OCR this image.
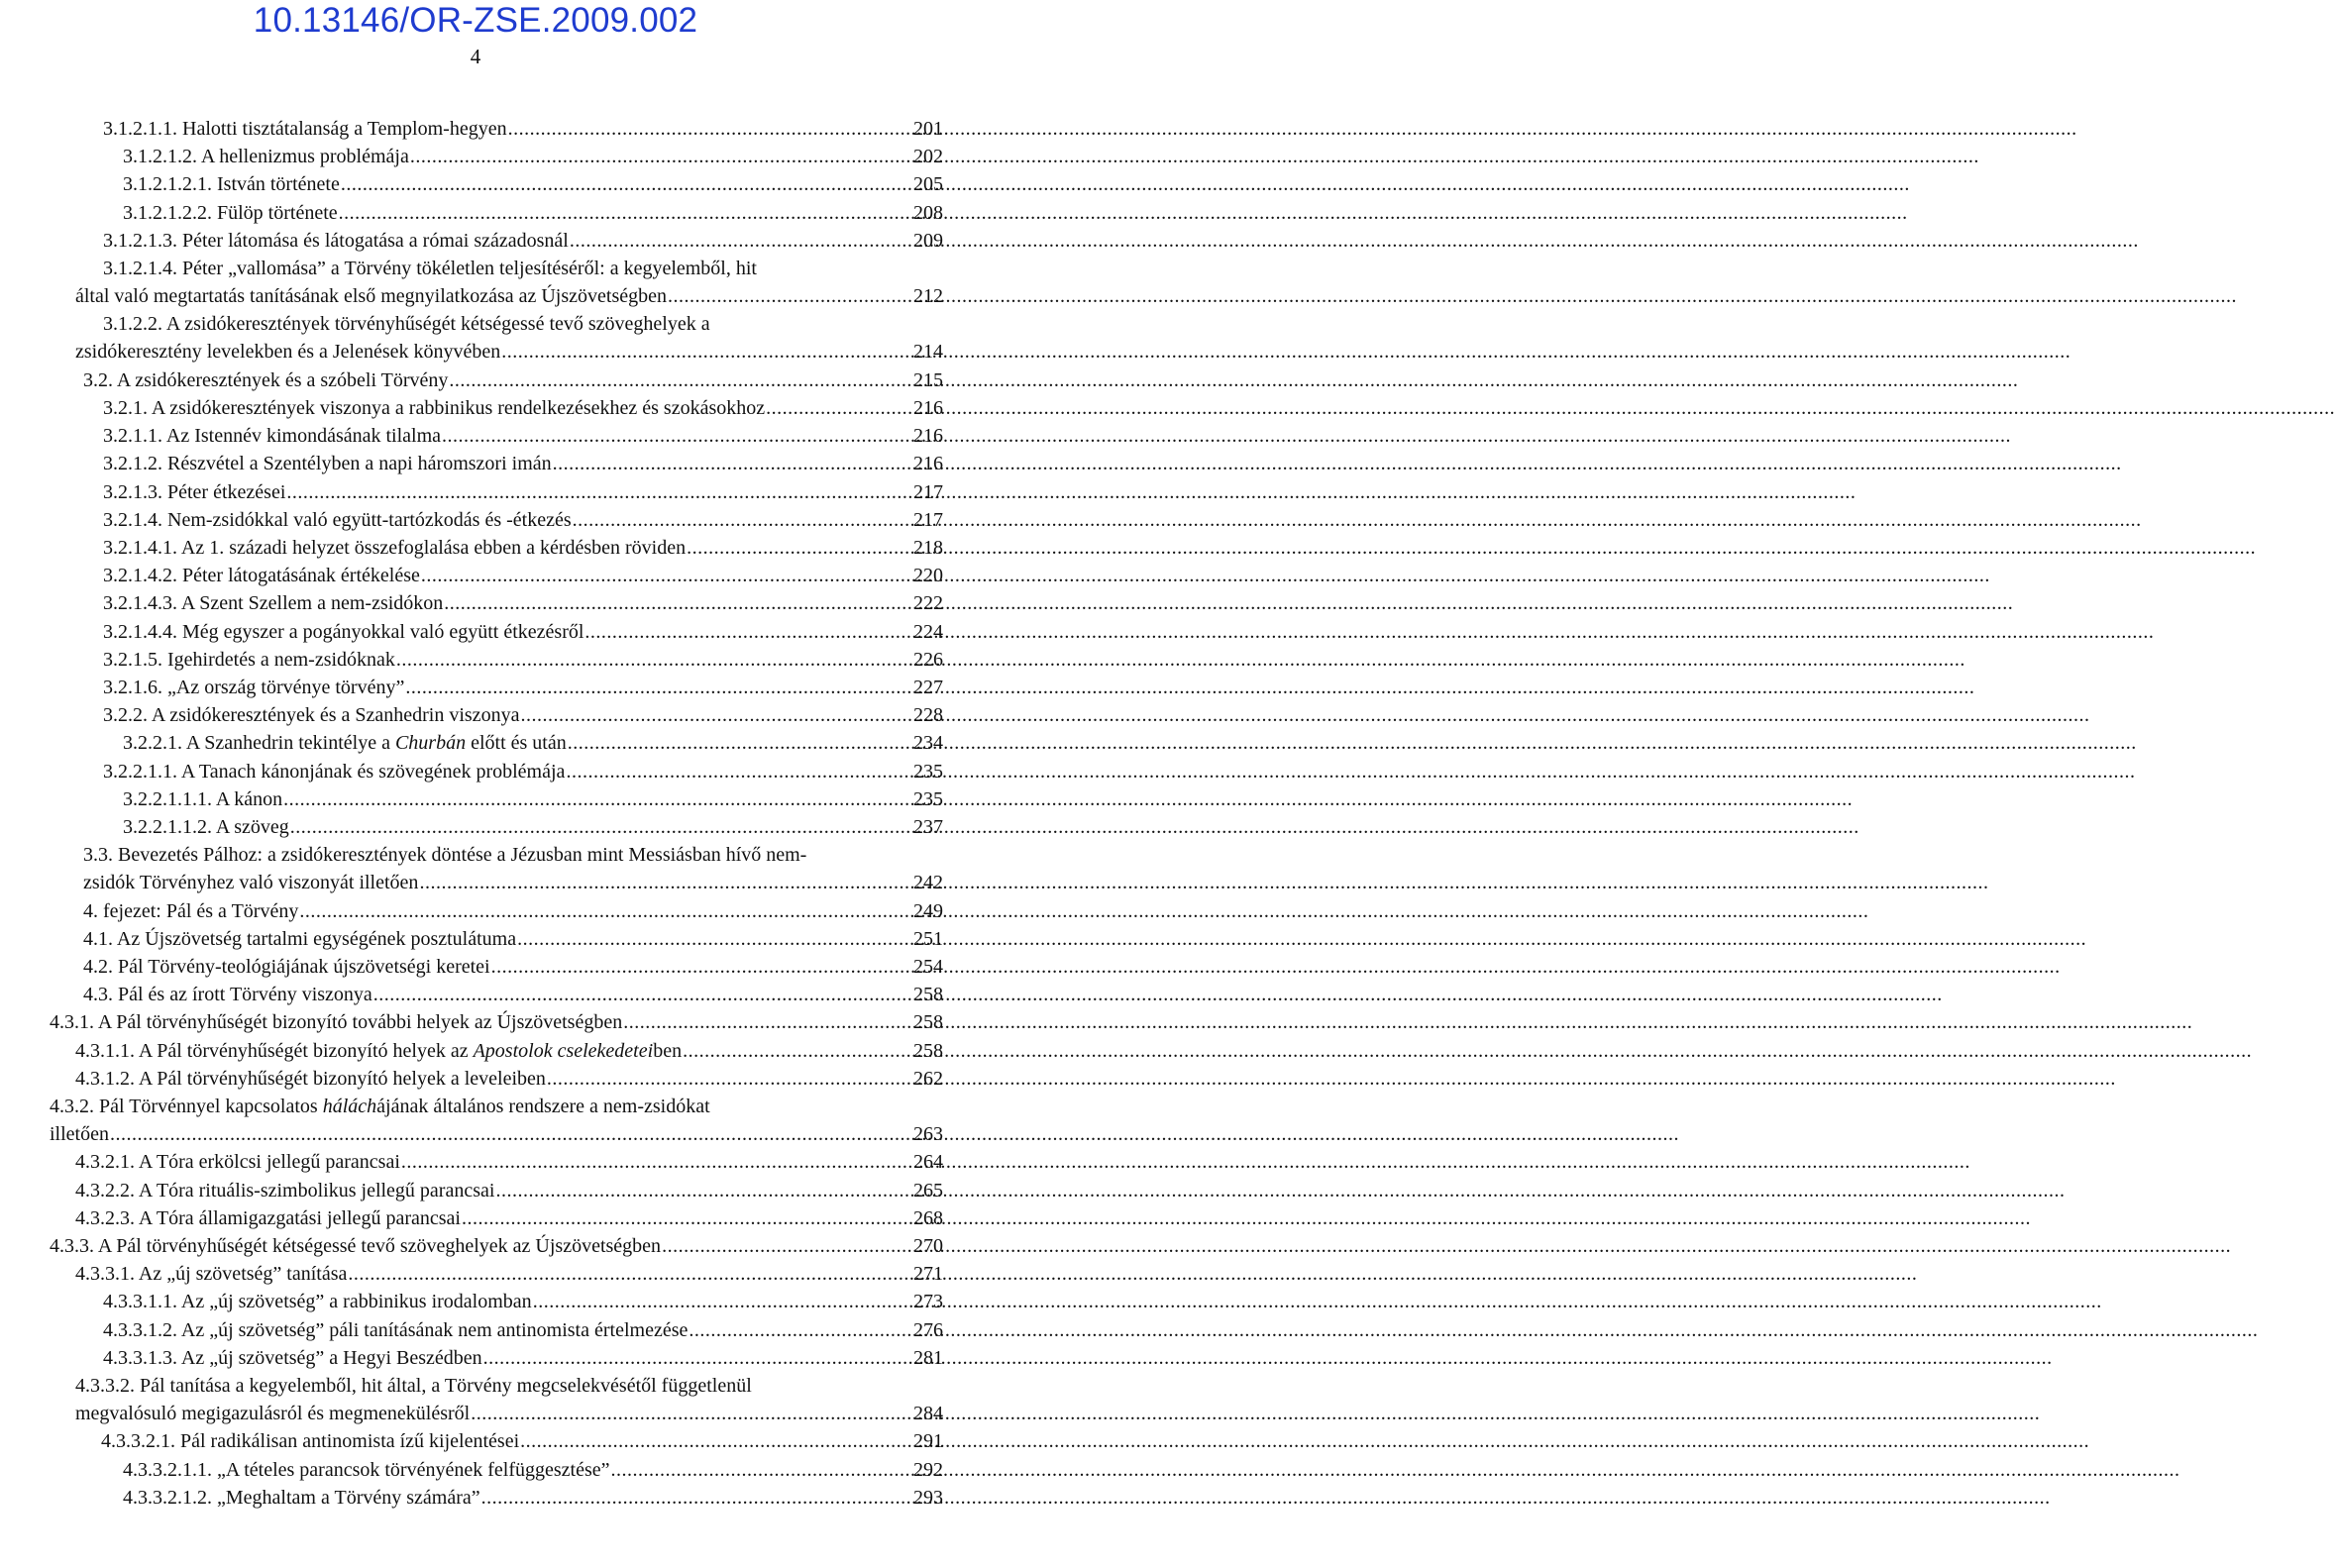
10.13146/OR-ZSE.2009.002
4
3.1.2.1.1. Halotti tisztátalanság a Templom-hegyen .....	201
3.1.2.1.2. A hellenizmus problémája .....	202
3.1.2.1.2.1. István története .....	205
3.1.2.1.2.2. Fülöp története .....	208
3.1.2.1.3. Péter látomása és látogatása a római századosnál .....	209
3.1.2.1.4. Péter „vallomása” a Törvény tökéletlen teljesítéséről: a kegyelemből, hit
által való megtartatás tanításának első megnyilatkozása az Újszövetségben .....	212
3.1.2.2. A zsidókeresztények törvényhűségét kétségessé tevő szöveghelyek a
zsidókeresztény levelekben és a Jelenések könyvében .....	214
3.2. A zsidókeresztények és a szóbeli Törvény .....	215
3.2.1. A zsidókeresztények viszonya a rabbinikus rendelkezésekhez és szokásokhoz .....	216
3.2.1.1. Az Istennév kimondásának tilalma .....	216
3.2.1.2. Részvétel a Szentélyben a napi háromszori imán .....	216
3.2.1.3. Péter étkezései .....	217
3.2.1.4. Nem-zsidókkal való együtt-tartózkodás és -étkezés .....	217
3.2.1.4.1. Az 1. századi helyzet összefoglalása ebben a kérdésben röviden .....	218
3.2.1.4.2. Péter látogatásának értékelése .....	220
3.2.1.4.3. A Szent Szellem a nem-zsidókon .....	222
3.2.1.4.4. Még egyszer a pogányokkal való együtt étkezésről .....	224
3.2.1.5. Igehirdetés a nem-zsidóknak .....	226
3.2.1.6. „Az ország törvénye törvény” .....	227
3.2.2. A zsidókeresztények és a Szanhedrin viszonya .....	228
3.2.2.1. A Szanhedrin tekintélye a Churbán előtt és után .....	234
3.2.2.1.1. A Tanach kánonjának és szövegének problémája .....	235
3.2.2.1.1.1. A kánon .....	235
3.2.2.1.1.2. A szöveg .....	237
3.3. Bevezetés Pálhoz: a zsidókeresztények döntése a Jézusban mint Messiásban hívő nem-
zsidók Törvényhez való viszonyát illetően .....	242
4. fejezet: Pál és a Törvény .....	249
4.1. Az Újszövetség tartalmi egységének posztulátuma .....	251
4.2. Pál Törvény-teológiájának újszövetségi keretei .....	254
4.3. Pál és az írott Törvény viszonya .....	258
4.3.1. A Pál törvényhűségét bizonyító további helyek az Újszövetségben .....	258
4.3.1.1. A Pál törvényhűségét bizonyító helyek az Apostolok cselekedeteiben .....	258
4.3.1.2. A Pál törvényhűségét bizonyító helyek a leveleiben .....	262
4.3.2. Pál Törvénnyel kapcsolatos háláchájának általános rendszere a nem-zsidókat
illetően .....	263
4.3.2.1. A Tóra erkölcsi jellegű parancsai .....	264
4.3.2.2. A Tóra rituális-szimbolikus jellegű parancsai .....	265
4.3.2.3. A Tóra államigazgatási jellegű parancsai .....	268
4.3.3. A Pál törvényhűségét kétségessé tevő szöveghelyek az Újszövetségben .....	270
4.3.3.1. Az „új szövetség” tanítása .....	271
4.3.3.1.1. Az „új szövetség” a rabbinikus irodalomban .....	273
4.3.3.1.2. Az „új szövetség” páli tanításának nem antinomista értelmezése .....	276
4.3.3.1.3. Az „új szövetség” a Hegyi Beszédben .....	281
4.3.3.2. Pál tanítása a kegyelemből, hit által, a Törvény megcselekvésétől függetlenül
megvalósuló megigazulásról és megmenekülésről .....	284
4.3.3.2.1. Pál radikálisan antinomista ízű kijelentései .....	291
4.3.3.2.1.1. „A tételes parancsok törvényének felfüggesztése” .....	292
4.3.3.2.1.2. „Meghaltam a Törvény számára” .....	293
